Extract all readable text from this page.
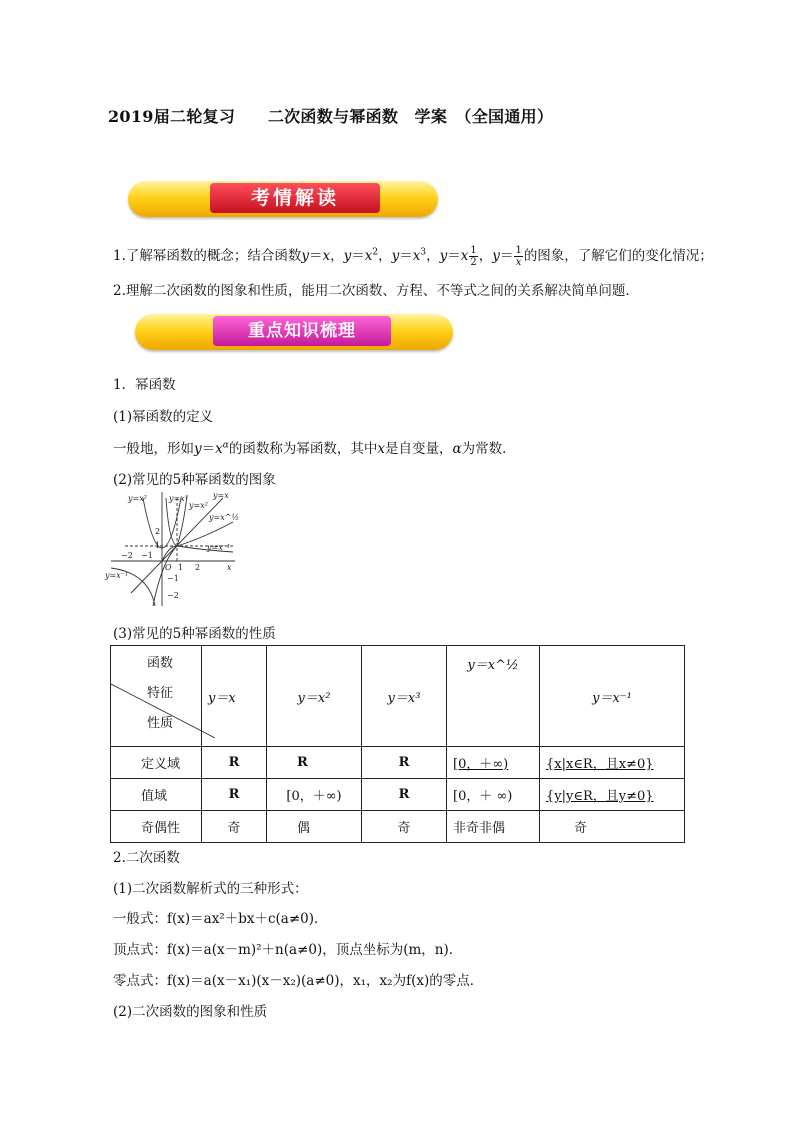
2019届二轮复习　　二次函数与幂函数　学案　（全国通用）
考情解读
1.了解幂函数的概念；结合函数y＝x，$y=x^2$，$y=x^3$，$y=x \frac{1}{2}$ ，$y= \frac{1}{x}$ 的图象，了解它们的变化情况；
2.理解二次函数的图象和性质，能用二次函数、方程、不等式之间的关系解决简单问题．
重点知识梳理
1．幂函数
(1)幂函数的定义
一般地，形如$y=x^\alpha$的函数称为幂函数，其中x是自变量，α为常数．
(2)常见的5种幂函数的图象
y=x²	y=x³
y=x²
y=x
y=x^½
y=x⁻¹
y=x⁻¹
−2 −1
O 1 2	x
2
1
−1
−2
(3)常见的5种幂函数的性质
函数
特征
性质	y＝x	y＝x²	y＝x³	y＝x^½	y＝x⁻¹
定义域	R	R	R	[0，＋∞)	{x|x∈R，且x≠0}
值域	R	[0，＋∞)	R	[0，＋ ∞)	{y|y∈R，且y≠0}
奇偶性	奇	偶	奇	非奇非偶	奇
2.二次函数
(1)二次函数解析式的三种形式：
一般式：f(x)＝ax²＋bx＋c(a≠0)．
顶点式：f(x)＝a(x－m)²＋n(a≠0)，顶点坐标为(m，n)．
零点式：f(x)＝a(x－x₁)(x－x₂)(a≠0)，x₁，x₂为f(x)的零点．
(2)二次函数的图象和性质
